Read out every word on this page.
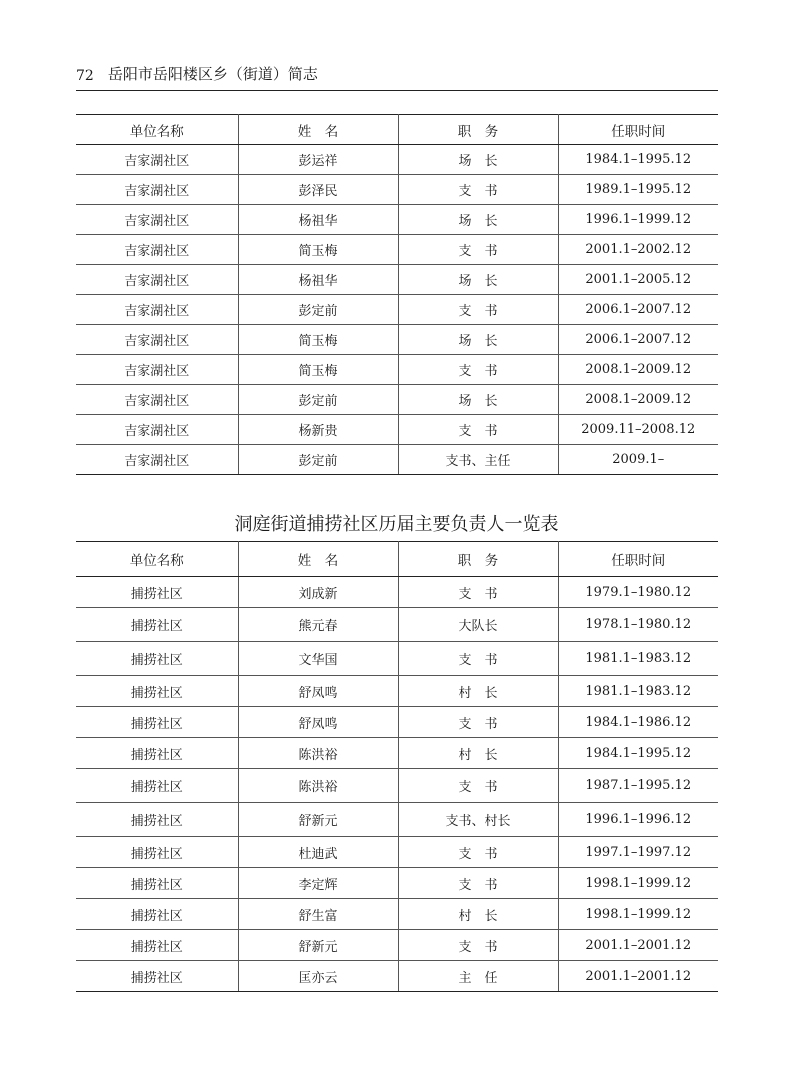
72 岳阳市岳阳楼区乡（街道）简志
单位名称	姓名	职务	任职时间
吉家湖社区	彭运祥	场长	1984.1–1995.12
吉家湖社区	彭泽民	支书	1989.1–1995.12
吉家湖社区	杨祖华	场长	1996.1–1999.12
吉家湖社区	简玉梅	支书	2001.1–2002.12
吉家湖社区	杨祖华	场长	2001.1–2005.12
吉家湖社区	彭定前	支书	2006.1–2007.12
吉家湖社区	简玉梅	场长	2006.1–2007.12
吉家湖社区	简玉梅	支书	2008.1–2009.12
吉家湖社区	彭定前	场长	2008.1–2009.12
吉家湖社区	杨新贵	支书	2009.11–2008.12
吉家湖社区	彭定前	支书、主任	2009.1–
洞庭街道捕捞社区历届主要负责人一览表
单位名称	姓名	职务	任职时间
捕捞社区	刘成新	支书	1979.1–1980.12
捕捞社区	熊元春	大队长	1978.1–1980.12
捕捞社区	文华国	支书	1981.1–1983.12
捕捞社区	舒凤鸣	村长	1981.1–1983.12
捕捞社区	舒凤鸣	支书	1984.1–1986.12
捕捞社区	陈洪裕	村长	1984.1–1995.12
捕捞社区	陈洪裕	支书	1987.1–1995.12
捕捞社区	舒新元	支书、村长	1996.1–1996.12
捕捞社区	杜迪武	支书	1997.1–1997.12
捕捞社区	李定辉	支书	1998.1–1999.12
捕捞社区	舒生富	村长	1998.1–1999.12
捕捞社区	舒新元	支书	2001.1–2001.12
捕捞社区	匡亦云	主任	2001.1–2001.12
